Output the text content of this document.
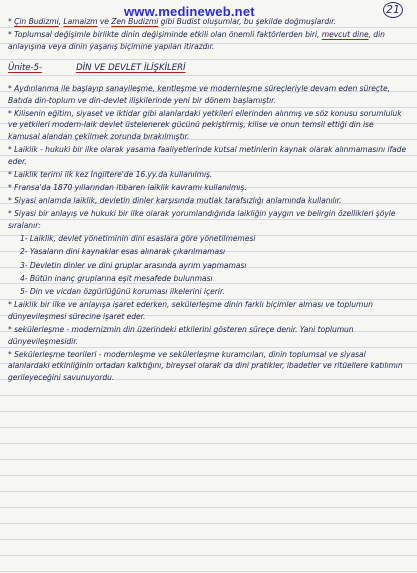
www.medineweb.net	21

* Çin Budizmi, Lamaizm ve Zen Budizmi gibi Budist oluşumlar, bu şekilde doğmuşlardır.

* Toplumsal değişimle birlikte dinin değişiminde etkili olan önemli faktörlerden biri, mevcut dine, din anlayışına veya dinin yaşanış biçimine yapılan itirazdır.

Ünite-5-	DİN VE DEVLET İLİŞKİLERİ

* Aydınlanma ile başlayıp sanayileşme, kentleşme ve modernleşme süreçleriyle devam eden süreçte, Batıda din-toplum ve din-devlet ilişkilerinde yeni bir dönem başlamıştır.

* Kilisenin eğitim, siyaset ve iktidar gibi alanlardaki yetkileri ellerinden alınmış ve söz konusu sorumluluk ve yetkileri modern-laik devlet üstelenerek gücünü pekiştirmiş, kilise ve onun temsil ettiği din ise kamusal alandan çekilmek zorunda bırakılmıştır.

* Laiklik - hukuki bir ilke olarak yasama faaliyetlerinde kutsal metinlerin kaynak olarak alınmamasını ifade eder.

* Laiklik terimi ilk kez İngiltere'de 16.yy.da kullanılmış.

* Fransa'da 1870 yıllarından itibaren laiklik kavramı kullanılmış.

* Siyasi anlamda laiklik, devletin dinler karşısında mutlak tarafsızlığı anlamında kullanılır.

* Siyasi bir anlayış ve hukuki bir ilke olarak yorumlandığında laikliğin yaygın ve belirgin özellikleri şöyle sıralanır:

1- Laiklik, devlet yönetiminin dini esaslara göre yönetilmemesi

2- Yasaların dini kaynaklar esas alınarak çıkarılmaması

3- Devletin dinler ve dini gruplar arasında ayrım yapmaması

4- Bütün inanç gruplarına eşit mesafede bulunması

5- Din ve vicdan özgürlüğünü koruması ilkelerini içerir.

* Laiklik bir ilke ve anlayışa işaret ederken, sekülerleşme dinin farklı biçimler alması ve toplumun dünyevileşmesi sürecine işaret eder.

* sekülerleşme - modernizmin din üzerindeki etkilerini gösteren süreçe denir. Yani toplumun dünyevileşmesidir.

* Sekülerleşme teorileri - modernleşme ve sekülerleşme kuramcıları, dinin toplumsal ve siyasal alanlardaki etkinliğinin ortadan kalktığını, bireysel olarak da dini pratikler, ibadetler ve ritüellere katılımın gerileyeceğini savunuyordu.
